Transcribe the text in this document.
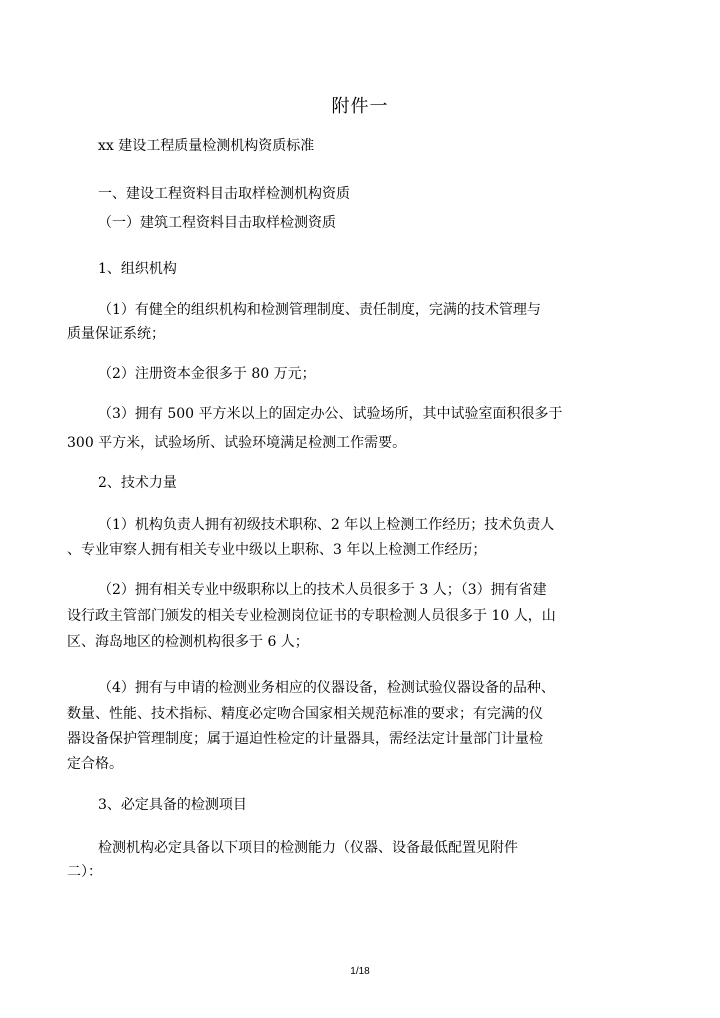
附件一
xx 建设工程质量检测机构资质标准
一、建设工程资料目击取样检测机构资质
（一）建筑工程资料目击取样检测资质
1、组织机构
（1）有健全的组织机构和检测管理制度、责任制度，完满的技术管理与
质量保证系统；
（2）注册资本金很多于 80 万元；
（3）拥有 500 平方米以上的固定办公、试验场所，其中试验室面积很多于
300 平方米，试验场所、试验环境满足检测工作需要。
2、技术力量
（1）机构负责人拥有初级技术职称、2 年以上检测工作经历；技术负责人
、专业审察人拥有相关专业中级以上职称、3 年以上检测工作经历；
（2）拥有相关专业中级职称以上的技术人员很多于 3 人；（3）拥有省建
设行政主管部门颁发的相关专业检测岗位证书的专职检测人员很多于 10 人，山
区、海岛地区的检测机构很多于 6 人；
（4）拥有与申请的检测业务相应的仪器设备，检测试验仪器设备的品种、
数量、性能、技术指标、精度必定吻合国家相关规范标准的要求；有完满的仪
器设备保护管理制度；属于逼迫性检定的计量器具，需经法定计量部门计量检
定合格。
3、必定具备的检测项目
检测机构必定具备以下项目的检测能力（仪器、设备最低配置见附件
二）：
1/18
